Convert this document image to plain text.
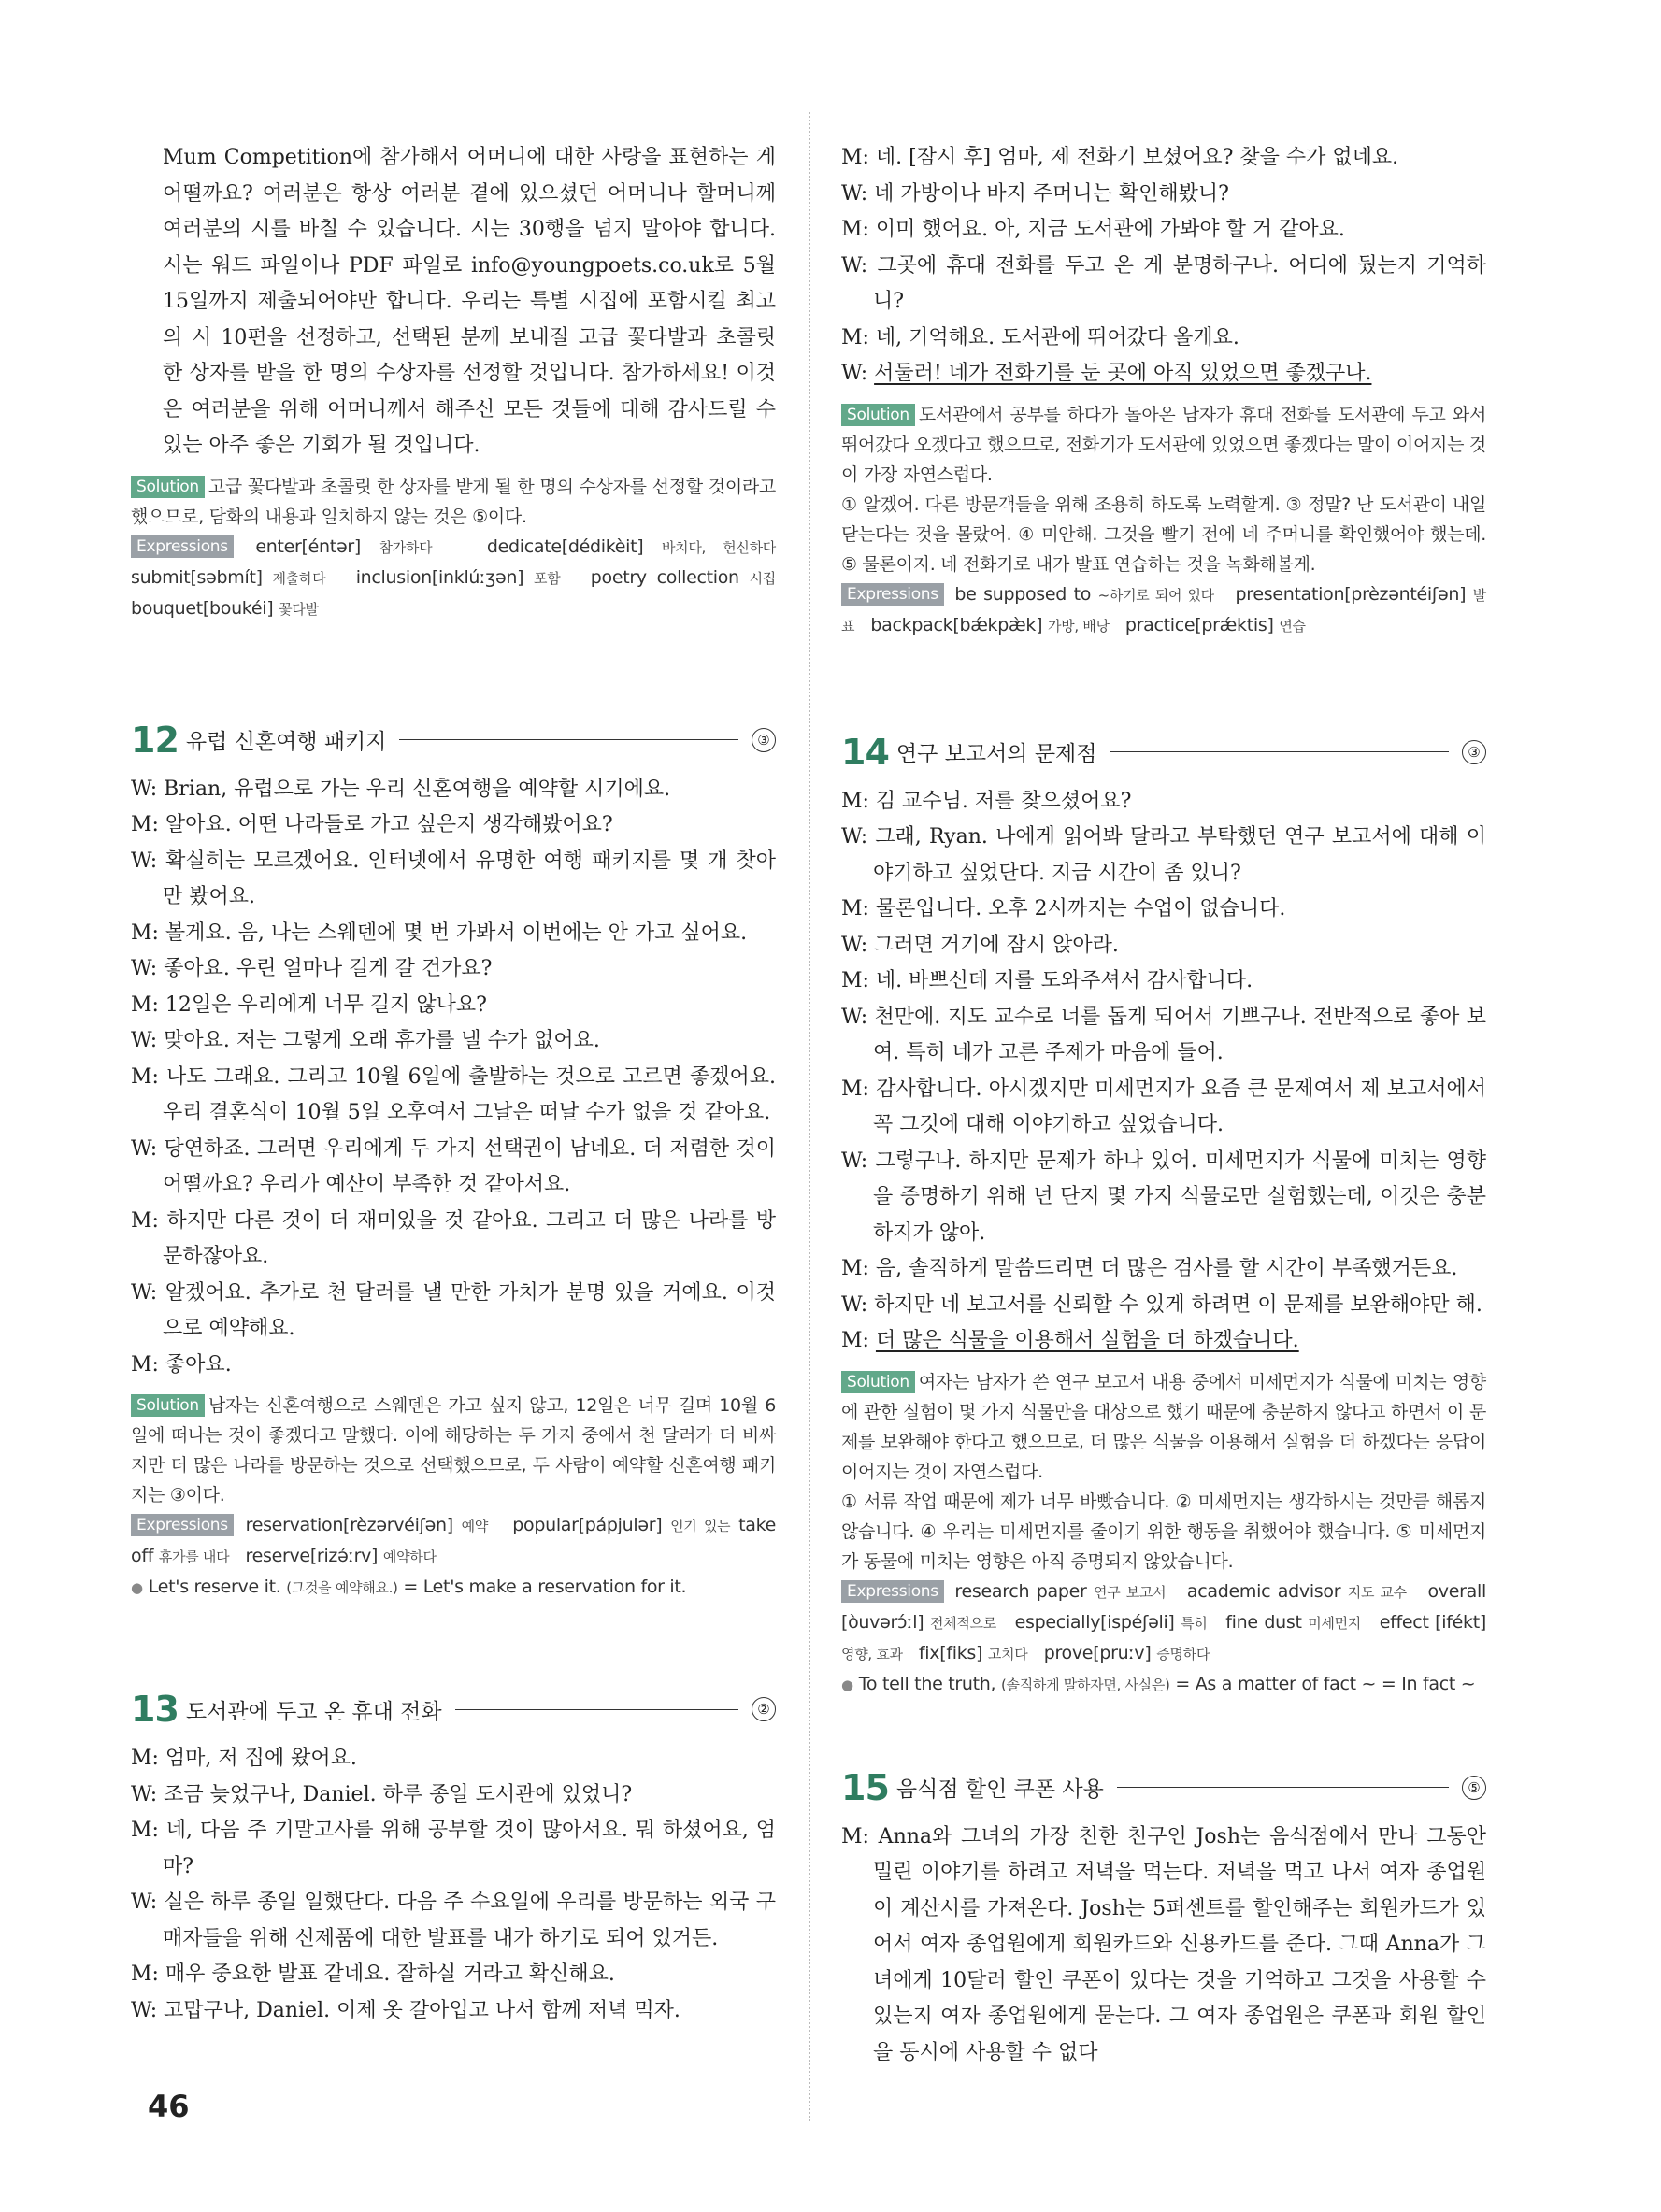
Mum Competition에 참가해서 어머니에 대한 사랑을 표현하는 게 어떨까요? 여러분은 항상 여러분 곁에 있으셨던 어머니나 할머니께 여러분의 시를 바칠 수 있습니다. 시는 30행을 넘지 말아야 합니다. 시는 워드 파일이나 PDF 파일로 info@youngpoets.co.uk로 5월 15일까지 제출되어야만 합니다. 우리는 특별 시집에 포함시킬 최고의 시 10편을 선정하고, 선택된 분께 보내질 고급 꽃다발과 초콜릿 한 상자를 받을 한 명의 수상자를 선정할 것입니다. 참가하세요! 이것은 여러분을 위해 어머니께서 해주신 모든 것들에 대해 감사드릴 수 있는 아주 좋은 기회가 될 것입니다.

Solution 고급 꽃다발과 초콜릿 한 상자를 받게 될 한 명의 수상자를 선정할 것이라고 했으므로, 담화의 내용과 일치하지 않는 것은 ⑤이다.

Expressions enter[éntər] 참가하다	dedicate[dédikèit] 바치다, 헌신하다 submit[səbmít] 제출하다 inclusion[inklúːʒən] 포함 poetry collection 시집 bouquet[boukéi] 꽃다발

12 유럽 신혼여행 패키지	③

W: Brian, 유럽으로 가는 우리 신혼여행을 예약할 시기에요.

M: 알아요. 어떤 나라들로 가고 싶은지 생각해봤어요?

W: 확실히는 모르겠어요. 인터넷에서 유명한 여행 패키지를 몇 개 찾아만 봤어요.

M: 볼게요. 음, 나는 스웨덴에 몇 번 가봐서 이번에는 안 가고 싶어요.

W: 좋아요. 우린 얼마나 길게 갈 건가요?

M: 12일은 우리에게 너무 길지 않나요?

W: 맞아요. 저는 그렇게 오래 휴가를 낼 수가 없어요.

M: 나도 그래요. 그리고 10월 6일에 출발하는 것으로 고르면 좋겠어요. 우리 결혼식이 10월 5일 오후여서 그날은 떠날 수가 없을 것 같아요.

W: 당연하죠. 그러면 우리에게 두 가지 선택권이 남네요. 더 저렴한 것이 어떨까요? 우리가 예산이 부족한 것 같아서요.

M: 하지만 다른 것이 더 재미있을 것 같아요. 그리고 더 많은 나라를 방문하잖아요.

W: 알겠어요. 추가로 천 달러를 낼 만한 가치가 분명 있을 거예요. 이것으로 예약해요.

M: 좋아요.

Solution 남자는 신혼여행으로 스웨덴은 가고 싶지 않고, 12일은 너무 길며 10월 6일에 떠나는 것이 좋겠다고 말했다. 이에 해당하는 두 가지 중에서 천 달러가 더 비싸지만 더 많은 나라를 방문하는 것으로 선택했으므로, 두 사람이 예약할 신혼여행 패키지는 ③이다.

Expressions reservation[rèzərvéiʃən] 예약 popular[pápjulər] 인기 있는 take off 휴가를 내다 reserve[rizə́ːrv] 예약하다

● Let's reserve it. (그것을 예약해요.) = Let's make a reservation for it.

13 도서관에 두고 온 휴대 전화	②

M: 엄마, 저 집에 왔어요.

W: 조금 늦었구나, Daniel. 하루 종일 도서관에 있었니?

M: 네, 다음 주 기말고사를 위해 공부할 것이 많아서요. 뭐 하셨어요, 엄마?

W: 실은 하루 종일 일했단다. 다음 주 수요일에 우리를 방문하는 외국 구매자들을 위해 신제품에 대한 발표를 내가 하기로 되어 있거든.

M: 매우 중요한 발표 같네요. 잘하실 거라고 확신해요.

W: 고맙구나, Daniel. 이제 옷 갈아입고 나서 함께 저녁 먹자.

M: 네. [잠시 후] 엄마, 제 전화기 보셨어요? 찾을 수가 없네요.

W: 네 가방이나 바지 주머니는 확인해봤니?

M: 이미 했어요. 아, 지금 도서관에 가봐야 할 거 같아요.

W: 그곳에 휴대 전화를 두고 온 게 분명하구나. 어디에 뒀는지 기억하니?

M: 네, 기억해요. 도서관에 뛰어갔다 올게요.

W: 서둘러! 네가 전화기를 둔 곳에 아직 있었으면 좋겠구나.

Solution 도서관에서 공부를 하다가 돌아온 남자가 휴대 전화를 도서관에 두고 와서 뛰어갔다 오겠다고 했으므로, 전화기가 도서관에 있었으면 좋겠다는 말이 이어지는 것이 가장 자연스럽다.

① 알겠어. 다른 방문객들을 위해 조용히 하도록 노력할게. ③ 정말? 난 도서관이 내일 닫는다는 것을 몰랐어. ④ 미안해. 그것을 빨기 전에 네 주머니를 확인했어야 했는데. ⑤ 물론이지. 네 전화기로 내가 발표 연습하는 것을 녹화해볼게.

Expressions be supposed to ~하기로 되어 있다 presentation[prèzəntéiʃən] 발표 backpack[bǽkpæ̀k] 가방, 배낭 practice[prǽktis] 연습

14 연구 보고서의 문제점	③

M: 김 교수님. 저를 찾으셨어요?

W: 그래, Ryan. 나에게 읽어봐 달라고 부탁했던 연구 보고서에 대해 이야기하고 싶었단다. 지금 시간이 좀 있니?

M: 물론입니다. 오후 2시까지는 수업이 없습니다.

W: 그러면 거기에 잠시 앉아라.

M: 네. 바쁘신데 저를 도와주셔서 감사합니다.

W: 천만에. 지도 교수로 너를 돕게 되어서 기쁘구나. 전반적으로 좋아 보여. 특히 네가 고른 주제가 마음에 들어.

M: 감사합니다. 아시겠지만 미세먼지가 요즘 큰 문제여서 제 보고서에서 꼭 그것에 대해 이야기하고 싶었습니다.

W: 그렇구나. 하지만 문제가 하나 있어. 미세먼지가 식물에 미치는 영향을 증명하기 위해 넌 단지 몇 가지 식물로만 실험했는데, 이것은 충분하지가 않아.

M: 음, 솔직하게 말씀드리면 더 많은 검사를 할 시간이 부족했거든요.

W: 하지만 네 보고서를 신뢰할 수 있게 하려면 이 문제를 보완해야만 해.

M: 더 많은 식물을 이용해서 실험을 더 하겠습니다.

Solution 여자는 남자가 쓴 연구 보고서 내용 중에서 미세먼지가 식물에 미치는 영향에 관한 실험이 몇 가지 식물만을 대상으로 했기 때문에 충분하지 않다고 하면서 이 문제를 보완해야 한다고 했으므로, 더 많은 식물을 이용해서 실험을 더 하겠다는 응답이 이어지는 것이 자연스럽다.

① 서류 작업 때문에 제가 너무 바빴습니다. ② 미세먼지는 생각하시는 것만큼 해롭지 않습니다. ④ 우리는 미세먼지를 줄이기 위한 행동을 취했어야 했습니다. ⑤ 미세먼지가 동물에 미치는 영향은 아직 증명되지 않았습니다.

Expressions research paper 연구 보고서 academic advisor 지도 교수 overall [òuvərɔ́ːl] 전체적으로 especially[ispéʃəli] 특히 fine dust 미세먼지 effect [ifékt] 영향, 효과 fix[fiks] 고치다 prove[pruːv] 증명하다

● To tell the truth, (솔직하게 말하자면, 사실은) = As a matter of fact ~ = In fact ~

15 음식점 할인 쿠폰 사용	⑤

M: Anna와 그녀의 가장 친한 친구인 Josh는 음식점에서 만나 그동안 밀린 이야기를 하려고 저녁을 먹는다. 저녁을 먹고 나서 여자 종업원이 계산서를 가져온다. Josh는 5퍼센트를 할인해주는 회원카드가 있어서 여자 종업원에게 회원카드와 신용카드를 준다. 그때 Anna가 그녀에게 10달러 할인 쿠폰이 있다는 것을 기억하고 그것을 사용할 수 있는지 여자 종업원에게 묻는다. 그 여자 종업원은 쿠폰과 회원 할인을 동시에 사용할 수 없다

46
